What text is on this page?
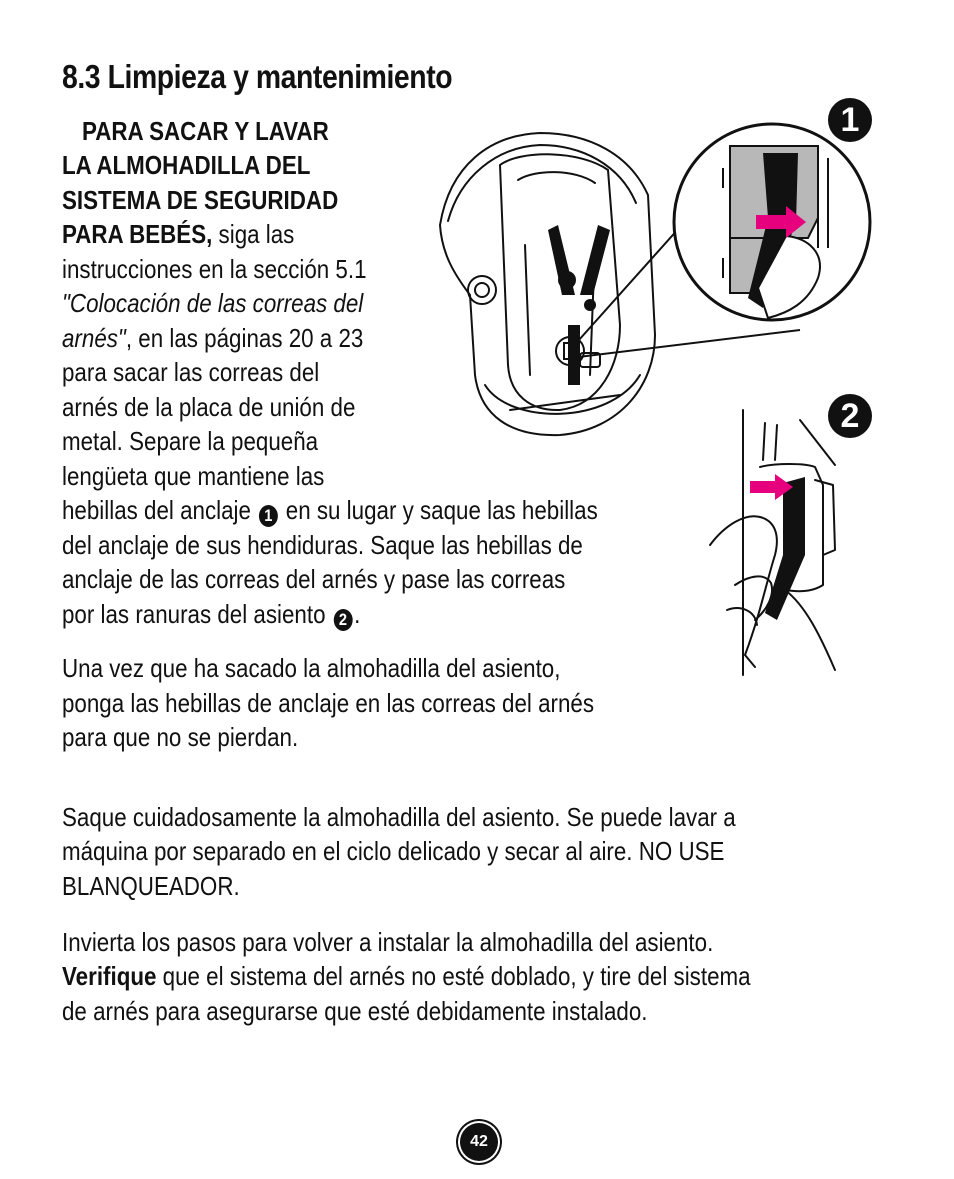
8.3 Limpieza y mantenimiento
PARA SACAR Y LAVAR
LA ALMOHADILLA DEL
SISTEMA DE SEGURIDAD
PARA BEBÉS, siga las
instrucciones en la sección 5.1
"Colocación de las correas del
arnés", en las páginas 20 a 23
para sacar las correas del
arnés de la placa de unión de
metal. Separe la pequeña
lengüeta que mantiene las
hebillas del anclaje 1 en su lugar y saque las hebillas
del anclaje de sus hendiduras. Saque las hebillas de
anclaje de las correas del arnés y pase las correas
por las ranuras del asiento 2 .
Una vez que ha sacado la almohadilla del asiento,
ponga las hebillas de anclaje en las correas del arnés
para que no se pierdan.
Saque cuidadosamente la almohadilla del asiento. Se puede lavar a
máquina por separado en el ciclo delicado y secar al aire. NO USE
BLANQUEADOR.
Invierta los pasos para volver a instalar la almohadilla del asiento.
Verifique que el sistema del arnés no esté doblado, y tire del sistema
de arnés para asegurarse que esté debidamente instalado.
1
2
42
